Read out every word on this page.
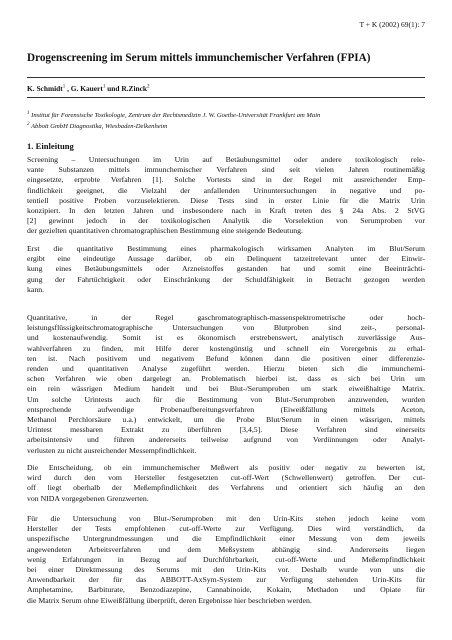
T + K (2002) 69(1): 7
Drogenscreening im Serum mittels immunchemischer Verfahren (FPIA)
K. Schmidt$^1$ , G. Kauert$^1$ und R.Zinck$^2$
$^1$ Institut für Forensische Toxikologie, Zentrum der Rechtsmedizin J. W. Goethe-Universität Frankfurt am Main
$^2$ Abbott GmbH Diagnostika, Wiesbaden-Delkenheim
1. Einleitung
Screening – Untersuchungen im Urin auf Betäubungsmittel oder andere toxikologisch rele-
vante Substanzen mittels immunchemischer Verfahren sind seit vielen Jahren routinemäßig
eingesetzte, erprobte Verfahren [1]. Solche Vortests sind in der Regel mit ausreichender Emp-
findlichkeit geeignet, die Vielzahl der anfallenden Urinuntersuchungen in negative und po-
tentiell positive Proben vorzuselektieren. Diese Tests sind in erster Linie für die Matrix Urin
konzipiert. In den letzten Jahren und insbesondere nach in Kraft treten des § 24a Abs. 2 StVG
[2] gewinnt jedoch in der toxikologischen Analytik die Vorselektion von Serumproben vor
der gezielten quantitativen chromatographischen Bestimmung eine steigende Bedeutung.
Erst die quantitative Bestimmung eines pharmakologisch wirksamen Analyten im Blut/Serum
ergibt eine eindeutige Aussage darüber, ob ein Delinquent tatzeitrelevant unter der Einwir-
kung eines Betäubungsmittels oder Arzneistoffes gestanden hat und somit eine Beeinträchti-
gung der Fahrtüchtigkeit oder Einschränkung der Schuldfähigkeit in Betracht gezogen werden
kann.
Quantitative, in der Regel gaschromatographisch-massenspektrometrische oder hoch-
leistungsflüssigkeitschromatographische Untersuchungen von Blutproben sind zeit-, personal-
und kostenaufwendig. Somit ist es ökonomisch erstrebenswert, analytisch zuverlässige Aus-
wahlverfahren zu finden, mit Hilfe derer kostengünstig und schnell ein Vorergebnis zu erhal-
ten ist. Nach positivem und negativem Befund können dann die positiven einer differenzie-
renden und quantitativen Analyse zugeführt werden. Hierzu bieten sich die immunchemi-
schen Verfahren wie oben dargelegt an. Problematisch hierbei ist, dass es sich bei Urin um
ein rein wässrigen Medium handelt und bei Blut-/Serumproben um stark eiweißhaltige Matrix.
Um solche Urintests auch für die Bestimmung von Blut-/Serumproben anzuwenden, wurden
entsprechende aufwendige Probenaufbereitungsverfahren (Eiweißfällung mittels Aceton,
Methanol Perchlorsäure u.a.) entwickelt, um die Probe Blut/Serum in einen wässrigen, mittels
Urintest messbaren Extrakt zu überführen [3,4,5]. Diese Verfahren sind einerseits
arbeitsintensiv und führen andererseits teilweise aufgrund von Verdünnungen oder Analyt-
verlusten zu nicht ausreichender Messempfindlichkeit.
Die Entscheidung, ob ein immunchemischer Meßwert als positiv oder negativ zu bewerten ist,
wird durch den vom Hersteller festgesetzten cut-off-Wert (Schwellenwert) getroffen. Der cut-
off liegt oberhalb der Meßempfindlichkeit des Verfahrens und orientiert sich häufig an den
von NIDA vorgegebenen Grenzwerten.
Für die Untersuchung von Blut-/Serumproben mit den Urin-Kits stehen jedoch keine vom
Hersteller der Tests empfohlenen cut-off-Werte zur Verfügung. Dies wird verständlich, da
unspezifische Untergrundmessungen und die Empfindlichkeit einer Messung von dem jeweils
angewendeten Arbeitsverfahren und dem Meßsystem abhängig sind. Andererseits liegen
wenig Erfahrungen in Bezug auf Durchführbarkeit, cut-off-Werte und Meßempfindlichkeit
bei einer Direktmessung des Serums mit den Urin-Kits vor. Deshalb wurde von uns die
Anwendbarkeit der für das ABBOTT-AxSym-System zur Verfügung stehenden Urin-Kits für
Amphetamine, Barbiturate, Benzodiazepine, Cannabinoide, Kokain, Methadon und Opiate für
die Matrix Serum ohne Eiweißfällung überprüft, deren Ergebnisse hier beschrieben werden.
